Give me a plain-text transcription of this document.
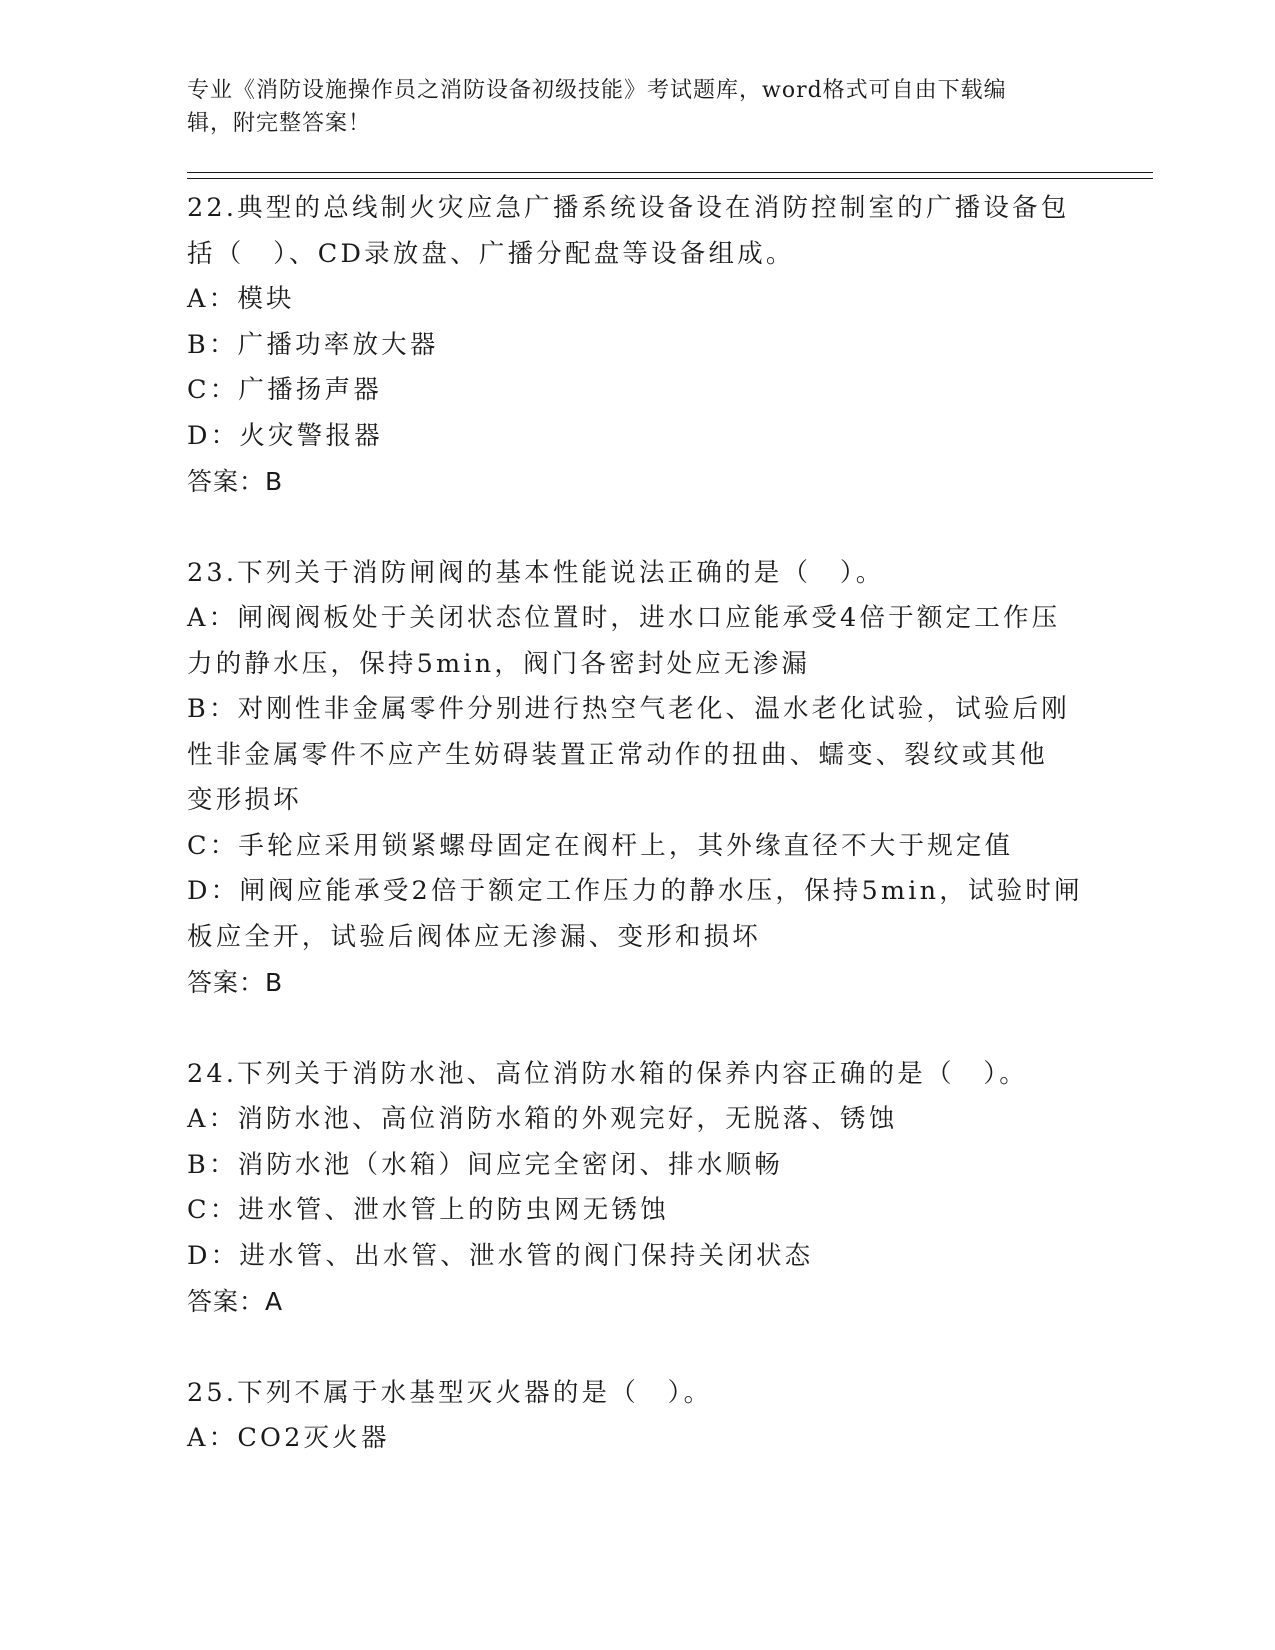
专业《消防设施操作员之消防设备初级技能》考试题库，word格式可自由下载编
辑，附完整答案！
22.典型的总线制火灾应急广播系统设备设在消防控制室的广播设备包
括（　）、CD录放盘、广播分配盘等设备组成。
A：模块
B：广播功率放大器
C：广播扬声器
D：火灾警报器
答案：B
23.下列关于消防闸阀的基本性能说法正确的是（　）。
A：闸阀阀板处于关闭状态位置时，进水口应能承受4倍于额定工作压
力的静水压，保持5min，阀门各密封处应无渗漏
B：对刚性非金属零件分别进行热空气老化、温水老化试验，试验后刚
性非金属零件不应产生妨碍装置正常动作的扭曲、蠕变、裂纹或其他
变形损坏
C：手轮应采用锁紧螺母固定在阀杆上，其外缘直径不大于规定值
D：闸阀应能承受2倍于额定工作压力的静水压，保持5min，试验时闸
板应全开，试验后阀体应无渗漏、变形和损坏
答案：B
24.下列关于消防水池、高位消防水箱的保养内容正确的是（　）。
A：消防水池、高位消防水箱的外观完好，无脱落、锈蚀
B：消防水池（水箱）间应完全密闭、排水顺畅
C：进水管、泄水管上的防虫网无锈蚀
D：进水管、出水管、泄水管的阀门保持关闭状态
答案：A
25.下列不属于水基型灭火器的是（　）。
A：CO2灭火器
